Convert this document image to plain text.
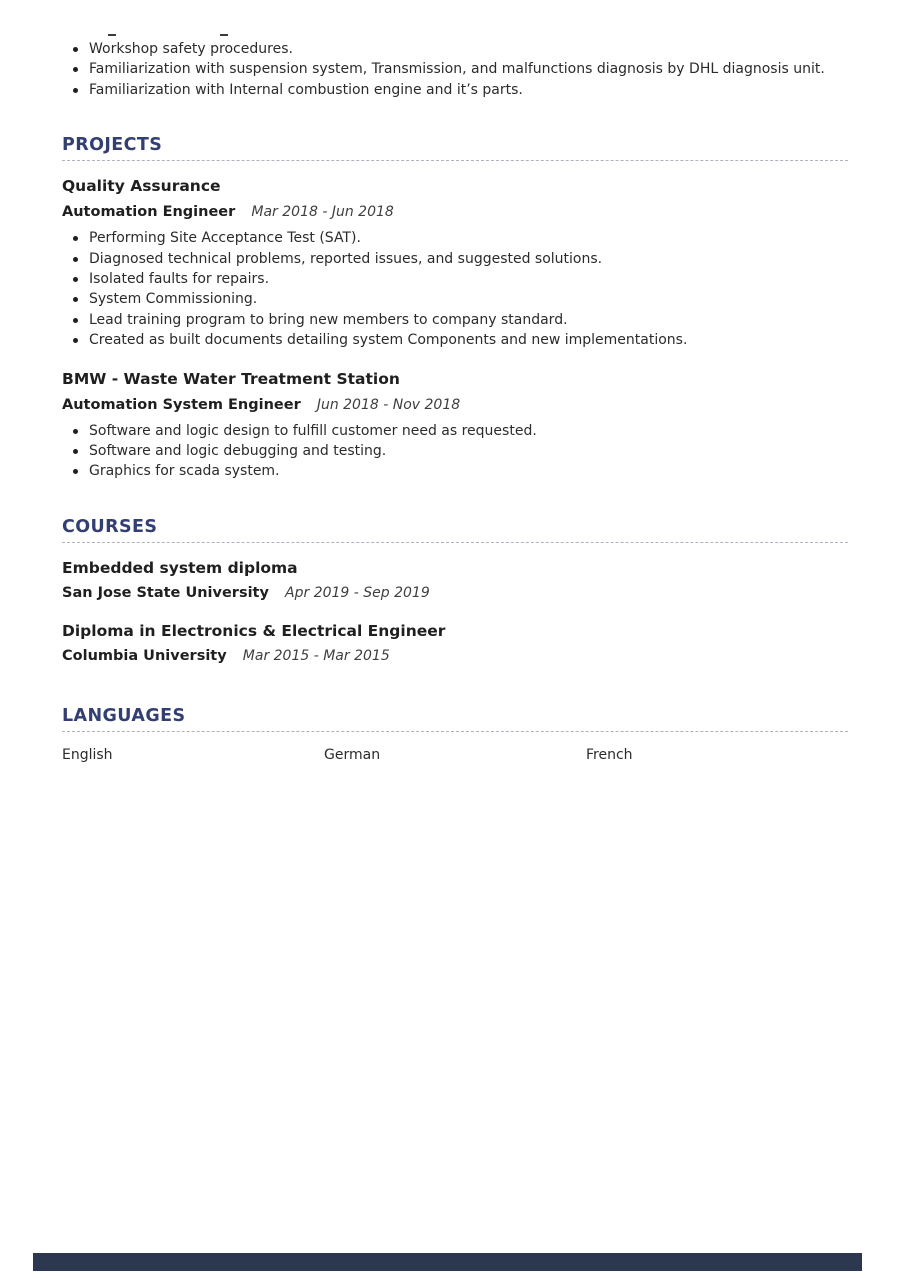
Workshop safety procedures.
Familiarization with suspension system, Transmission, and malfunctions diagnosis by DHL diagnosis unit.
Familiarization with Internal combustion engine and it’s parts.
PROJECTS
Quality Assurance

Automation Engineer Mar 2018 - Jun 2018

Performing Site Acceptance Test (SAT).
Diagnosed technical problems, reported issues, and suggested solutions.
Isolated faults for repairs.
System Commissioning.
Lead training program to bring new members to company standard.
Created as built documents detailing system Components and new implementations.
BMW - Waste Water Treatment Station

Automation System Engineer Jun 2018 - Nov 2018

Software and logic design to fulfill customer need as requested.
Software and logic debugging and testing.
Graphics for scada system.
COURSES
Embedded system diploma

San Jose State University Apr 2019 - Sep 2019

Diploma in Electronics & Electrical Engineer

Columbia University Mar 2015 - Mar 2015

LANGUAGES
English	German	French
